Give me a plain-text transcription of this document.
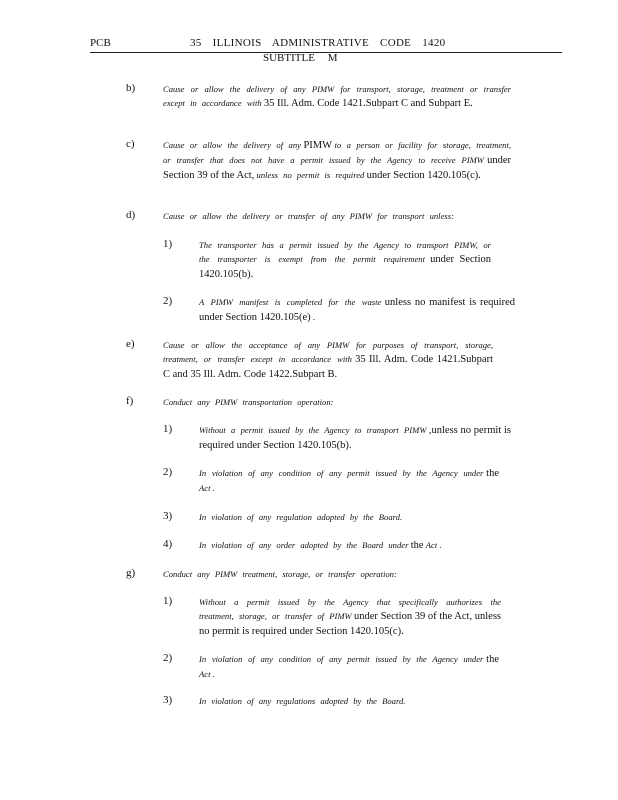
PCB	35 ILLINOIS ADMINISTRATIVE CODE 1420
SUBTITLE M
b)	Cause or allow the delivery of any PIMW for transport, storage, treatment or transfer except in accordance with 35 Ill. Adm. Code 1421.Subpart C and Subpart E.
c)	Cause or allow the delivery of any PIMW to a person or facility for storage, treatment, or transfer that does not have a permit issued by the Agency to receive PIMW under Section 39 of the Act, unless no permit is required under Section 1420.105(c).
d)	Cause or allow the delivery or transfer of any PIMW for transport unless:
1)	The transporter has a permit issued by the Agency to transport PIMW, or the transporter is exempt from the permit requirement under Section 1420.105(b).
2)	A PIMW manifest is completed for the waste unless no manifest is required under Section 1420.105(e) .
e)	Cause or allow the acceptance of any PIMW for purposes of transport, storage, treatment, or transfer except in accordance with 35 Ill. Adm. Code 1421.Subpart C and 35 Ill. Adm. Code 1422.Subpart B.
f)	Conduct any PIMW transportation operation:
1)	Without a permit issued by the Agency to transport PIMW ,unless no permit is required under Section 1420.105(b).
2)	In violation of any condition of any permit issued by the Agency under the Act .
3)	In violation of any regulation adopted by the Board.
4)	In violation of any order adopted by the Board under the Act .
g)	Conduct any PIMW treatment, storage, or transfer operation:
1)	Without a permit issued by the Agency that specifically authorizes the treatment, storage, or transfer of PIMW under Section 39 of the Act, unless no permit is required under Section 1420.105(c).
2)	In violation of any condition of any permit issued by the Agency under the Act .
3)	In violation of any regulations adopted by the Board.
